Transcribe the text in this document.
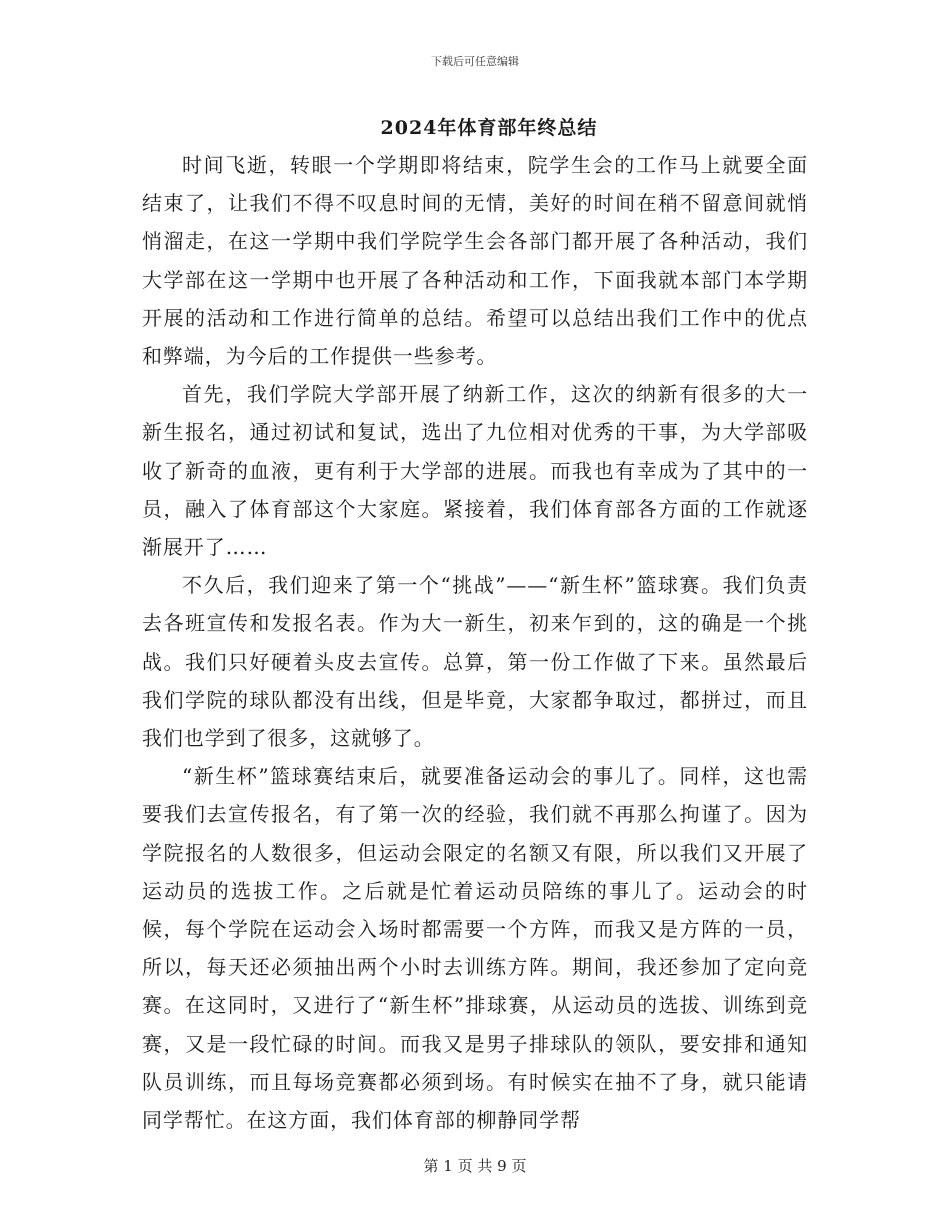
下载后可任意编辑
2024年体育部年终总结

时间飞逝，转眼一个学期即将结束，院学生会的工作马上就要全面结束了，让我们不得不叹息时间的无情，美好的时间在稍不留意间就悄悄溜走，在这一学期中我们学院学生会各部门都开展了各种活动，我们大学部在这一学期中也开展了各种活动和工作，下面我就本部门本学期开展的活动和工作进行简单的总结。希望可以总结出我们工作中的优点和弊端，为今后的工作提供一些参考。

首先，我们学院大学部开展了纳新工作，这次的纳新有很多的大一新生报名，通过初试和复试，选出了九位相对优秀的干事，为大学部吸收了新奇的血液，更有利于大学部的进展。而我也有幸成为了其中的一员，融入了体育部这个大家庭。紧接着，我们体育部各方面的工作就逐渐展开了……

不久后，我们迎来了第一个“挑战”——“新生杯”篮球赛。我们负责去各班宣传和发报名表。作为大一新生，初来乍到的，这的确是一个挑战。我们只好硬着头皮去宣传。总算，第一份工作做了下来。虽然最后我们学院的球队都没有出线，但是毕竟，大家都争取过，都拼过，而且我们也学到了很多，这就够了。

“新生杯”篮球赛结束后，就要准备运动会的事儿了。同样，这也需要我们去宣传报名，有了第一次的经验，我们就不再那么拘谨了。因为学院报名的人数很多，但运动会限定的名额又有限，所以我们又开展了运动员的选拔工作。之后就是忙着运动员陪练的事儿了。运动会的时候，每个学院在运动会入场时都需要一个方阵，而我又是方阵的一员，所以，每天还必须抽出两个小时去训练方阵。期间，我还参加了定向竞赛。在这同时，又进行了“新生杯”排球赛，从运动员的选拔、训练到竞赛，又是一段忙碌的时间。而我又是男子排球队的领队，要安排和通知队员训练，而且每场竞赛都必须到场。有时候实在抽不了身，就只能请同学帮忙。在这方面，我们体育部的柳静同学帮

第 1 页 共 9 页
